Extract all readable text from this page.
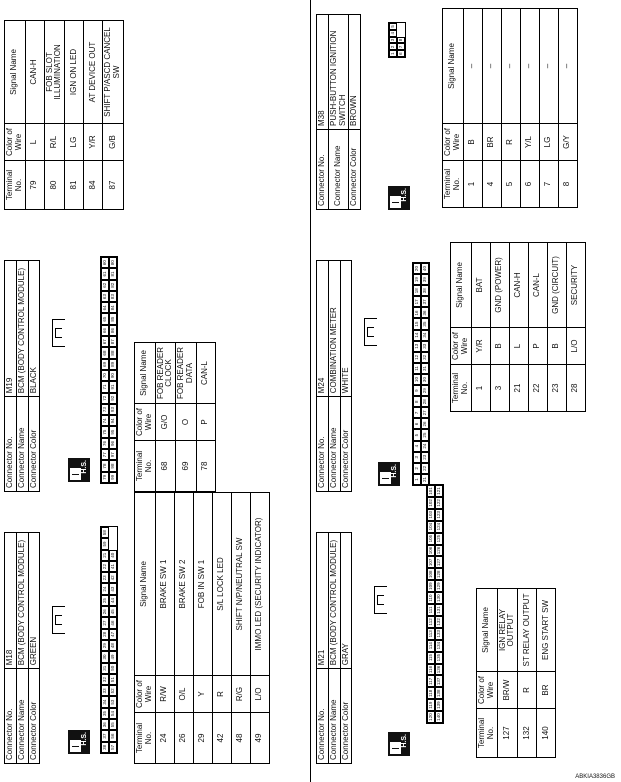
Connector No.	M18
Connector Name	BCM (BODY CONTROL MODULE)
Connector Color	GREEN
H.S.
38
37
36
35
34
33
32
31
30
29
28
27
26
25
24
23
22
21
59
58
57
56
55
54
53
52
51
50
49
48
47
46
45
44
43
42
41
40
Terminal No.	Color of Wire	Signal Name
24	R/W	BRAKE SW 1
26	O/L	BRAKE SW 2
29	Y	FOB IN SW 1
42	R	S/L LOCK LED
48	R/G	SHIFT N/P/NEUTRAL SW
49	L/O	IMMO LED (SECURITY INDICATOR)
Connector No.	M19
Connector Name	BCM (BODY CONTROL MODULE)
Connector Color	BLACK
H.S.
79
78
77
76
75
74
73
72
71
70
69
68
67
66
65
64
63
62
61
60
99
98
97
96
95
94
93
92
91
90
89
88
87
86
85
84
83
82
81
80
Terminal No.	Color of Wire	Signal Name
68	G/O	FOB READER CLOCK
69	O	FOB READER DATA
78	P	CAN-L
Terminal No.	Color of Wire	Signal Name
79	L	CAN-H
80	R/L	FOB SLOT ILLUMINATION
81	LG	IGN ON LED
84	Y/R	AT DEVICE OUT
87	G/B	SHIFT P/ASCD CANCEL SW
Connector No.	M21
Connector Name	BCM (BODY CONTROL MODULE)
Connector Color	GRAY
H.S.
120
119
118
117
116
115
114
113
112
111
110
109
108
107
106
105
104
103
102
101
140
139
138
137
136
135
134
133
132
131
130
129
128
127
126
125
124
123
122
121
Terminal No.	Color of Wire	Signal Name
127	BR/W	IGN RELAY OUTPUT
132	R	ST RELAY OUTPUT
140	BR	ENG START SW
Connector No.	M24
Connector Name	COMBINATION METER
Connector Color	WHITE
H.S.
1
2
3
4
5
6
7
8
9
10
11
12
13
14
15
16
17
18
19
20
21
22
23
24
25
26
27
28
29
30
31
32
33
34
35
36
37
38
39
40
Terminal No.	Color of Wire	Signal Name
1	Y/R	BAT
3	B	GND (POWER)
21	L	CAN-H
22	P	CAN-L
23	B	GND (CIRCUIT)
28	L/O	SECURITY
Connector No.	M38
Connector Name	PUSH-BUTTON IGNITION SWITCH
Connector Color	BROWN
H.S.
1
2
3
4
5
6
7
8
Terminal No.	Color of Wire	Signal Name
1	B	–
4	BR	–
5	R	–
6	Y/L	–
7	LG	–
8	G/Y	–
ABKIA3836GB
